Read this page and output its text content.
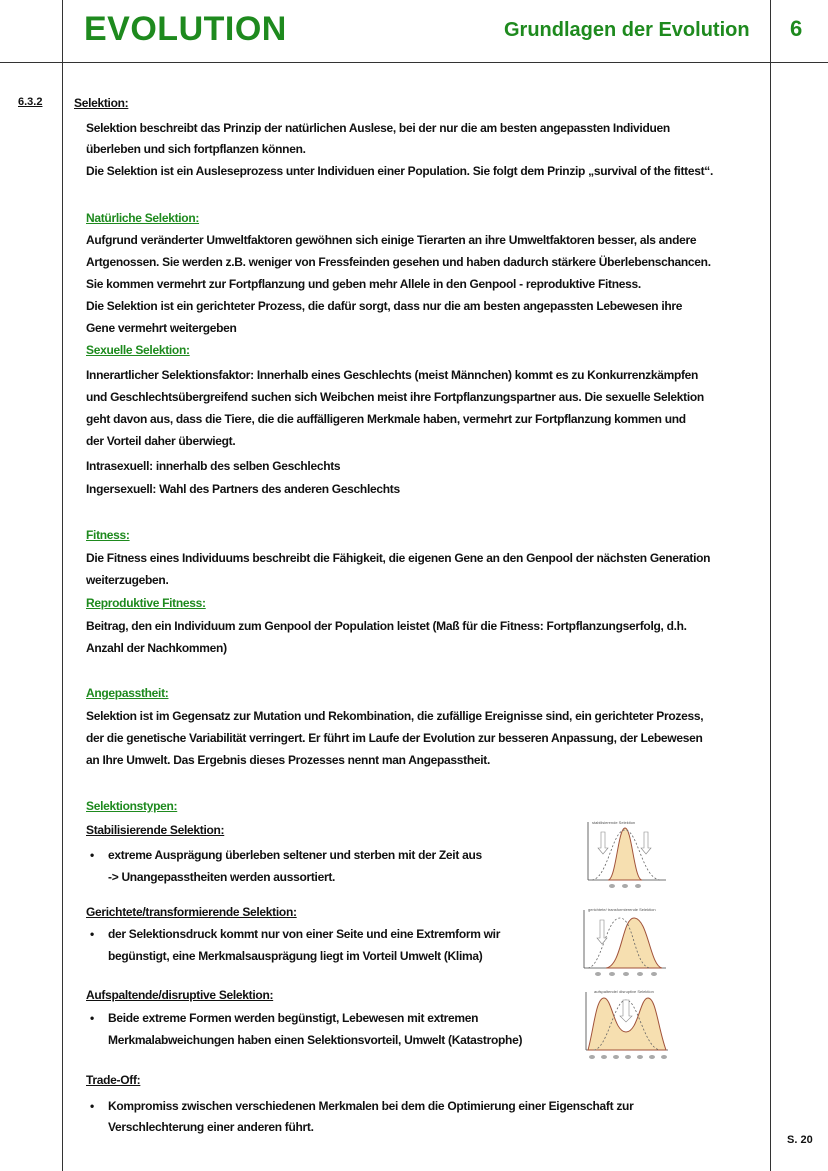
EVOLUTION	Grundlagen der Evolution 6
6.3.2	Selektion:
Selektion beschreibt das Prinzip der natürlichen Auslese, bei der nur die am besten angepassten Individuen
überleben und sich fortpflanzen können.
Die Selektion ist ein Ausleseprozess unter Individuen einer Population. Sie folgt dem Prinzip „survival of the fittest“.
Natürliche Selektion:
Aufgrund veränderter Umweltfaktoren gewöhnen sich einige Tierarten an ihre Umweltfaktoren besser, als andere
Artgenossen. Sie werden z.B. weniger von Fressfeinden gesehen und haben dadurch stärkere Überlebenschancen.
Sie kommen vermehrt zur Fortpflanzung und geben mehr Allele in den Genpool - reproduktive Fitness.
Die Selektion ist ein gerichteter Prozess, die dafür sorgt, dass nur die am besten angepassten Lebewesen ihre
Gene vermehrt weitergeben
Sexuelle Selektion:
Innerartlicher Selektionsfaktor: Innerhalb eines Geschlechts (meist Männchen) kommt es zu Konkurrenzkämpfen
und Geschlechtsübergreifend suchen sich Weibchen meist ihre Fortpflanzungspartner aus. Die sexuelle Selektion
geht davon aus, dass die Tiere, die die auffälligeren Merkmale haben, vermehrt zur Fortpflanzung kommen und
der Vorteil daher überwiegt.
Intrasexuell: innerhalb des selben Geschlechts
Ingersexuell: Wahl des Partners des anderen Geschlechts
Fitness:
Die Fitness eines Individuums beschreibt die Fähigkeit, die eigenen Gene an den Genpool der nächsten Generation
weiterzugeben.
Reproduktive Fitness:
Beitrag, den ein Individuum zum Genpool der Population leistet (Maß für die Fitness: Fortpflanzungserfolg, d.h.
Anzahl der Nachkommen)
Angepasstheit:
Selektion ist im Gegensatz zur Mutation und Rekombination, die zufällige Ereignisse sind, ein gerichteter Prozess,
der die genetische Variabilität verringert. Er führt im Laufe der Evolution zur besseren Anpassung, der Lebewesen
an Ihre Umwelt. Das Ergebnis dieses Prozesses nennt man Angepasstheit.
Selektionstypen:
Stabilisierende Selektion:
• extreme Ausprägung überleben seltener und sterben mit der Zeit aus
-> Unangepasstheiten werden aussortiert.
Gerichtete/transformierende Selektion:
• der Selektionsdruck kommt nur von einer Seite und eine Extremform wir
begünstigt, eine Merkmalsausprägung liegt im Vorteil Umwelt (Klima)
Aufspaltende/disruptive Selektion:
• Beide extreme Formen werden begünstigt, Lebewesen mit extremen
Merkmalabweichungen haben einen Selektionsvorteil, Umwelt (Katastrophe)
Trade-Off:
• Kompromiss zwischen verschiedenen Merkmalen bei dem die Optimierung einer Eigenschaft zur
Verschlechterung einer anderen führt.
stabilisierende Selektion
gerichtete/ transformierende Selektion
aufspaltende/ disruptive Selektion
S. 20
